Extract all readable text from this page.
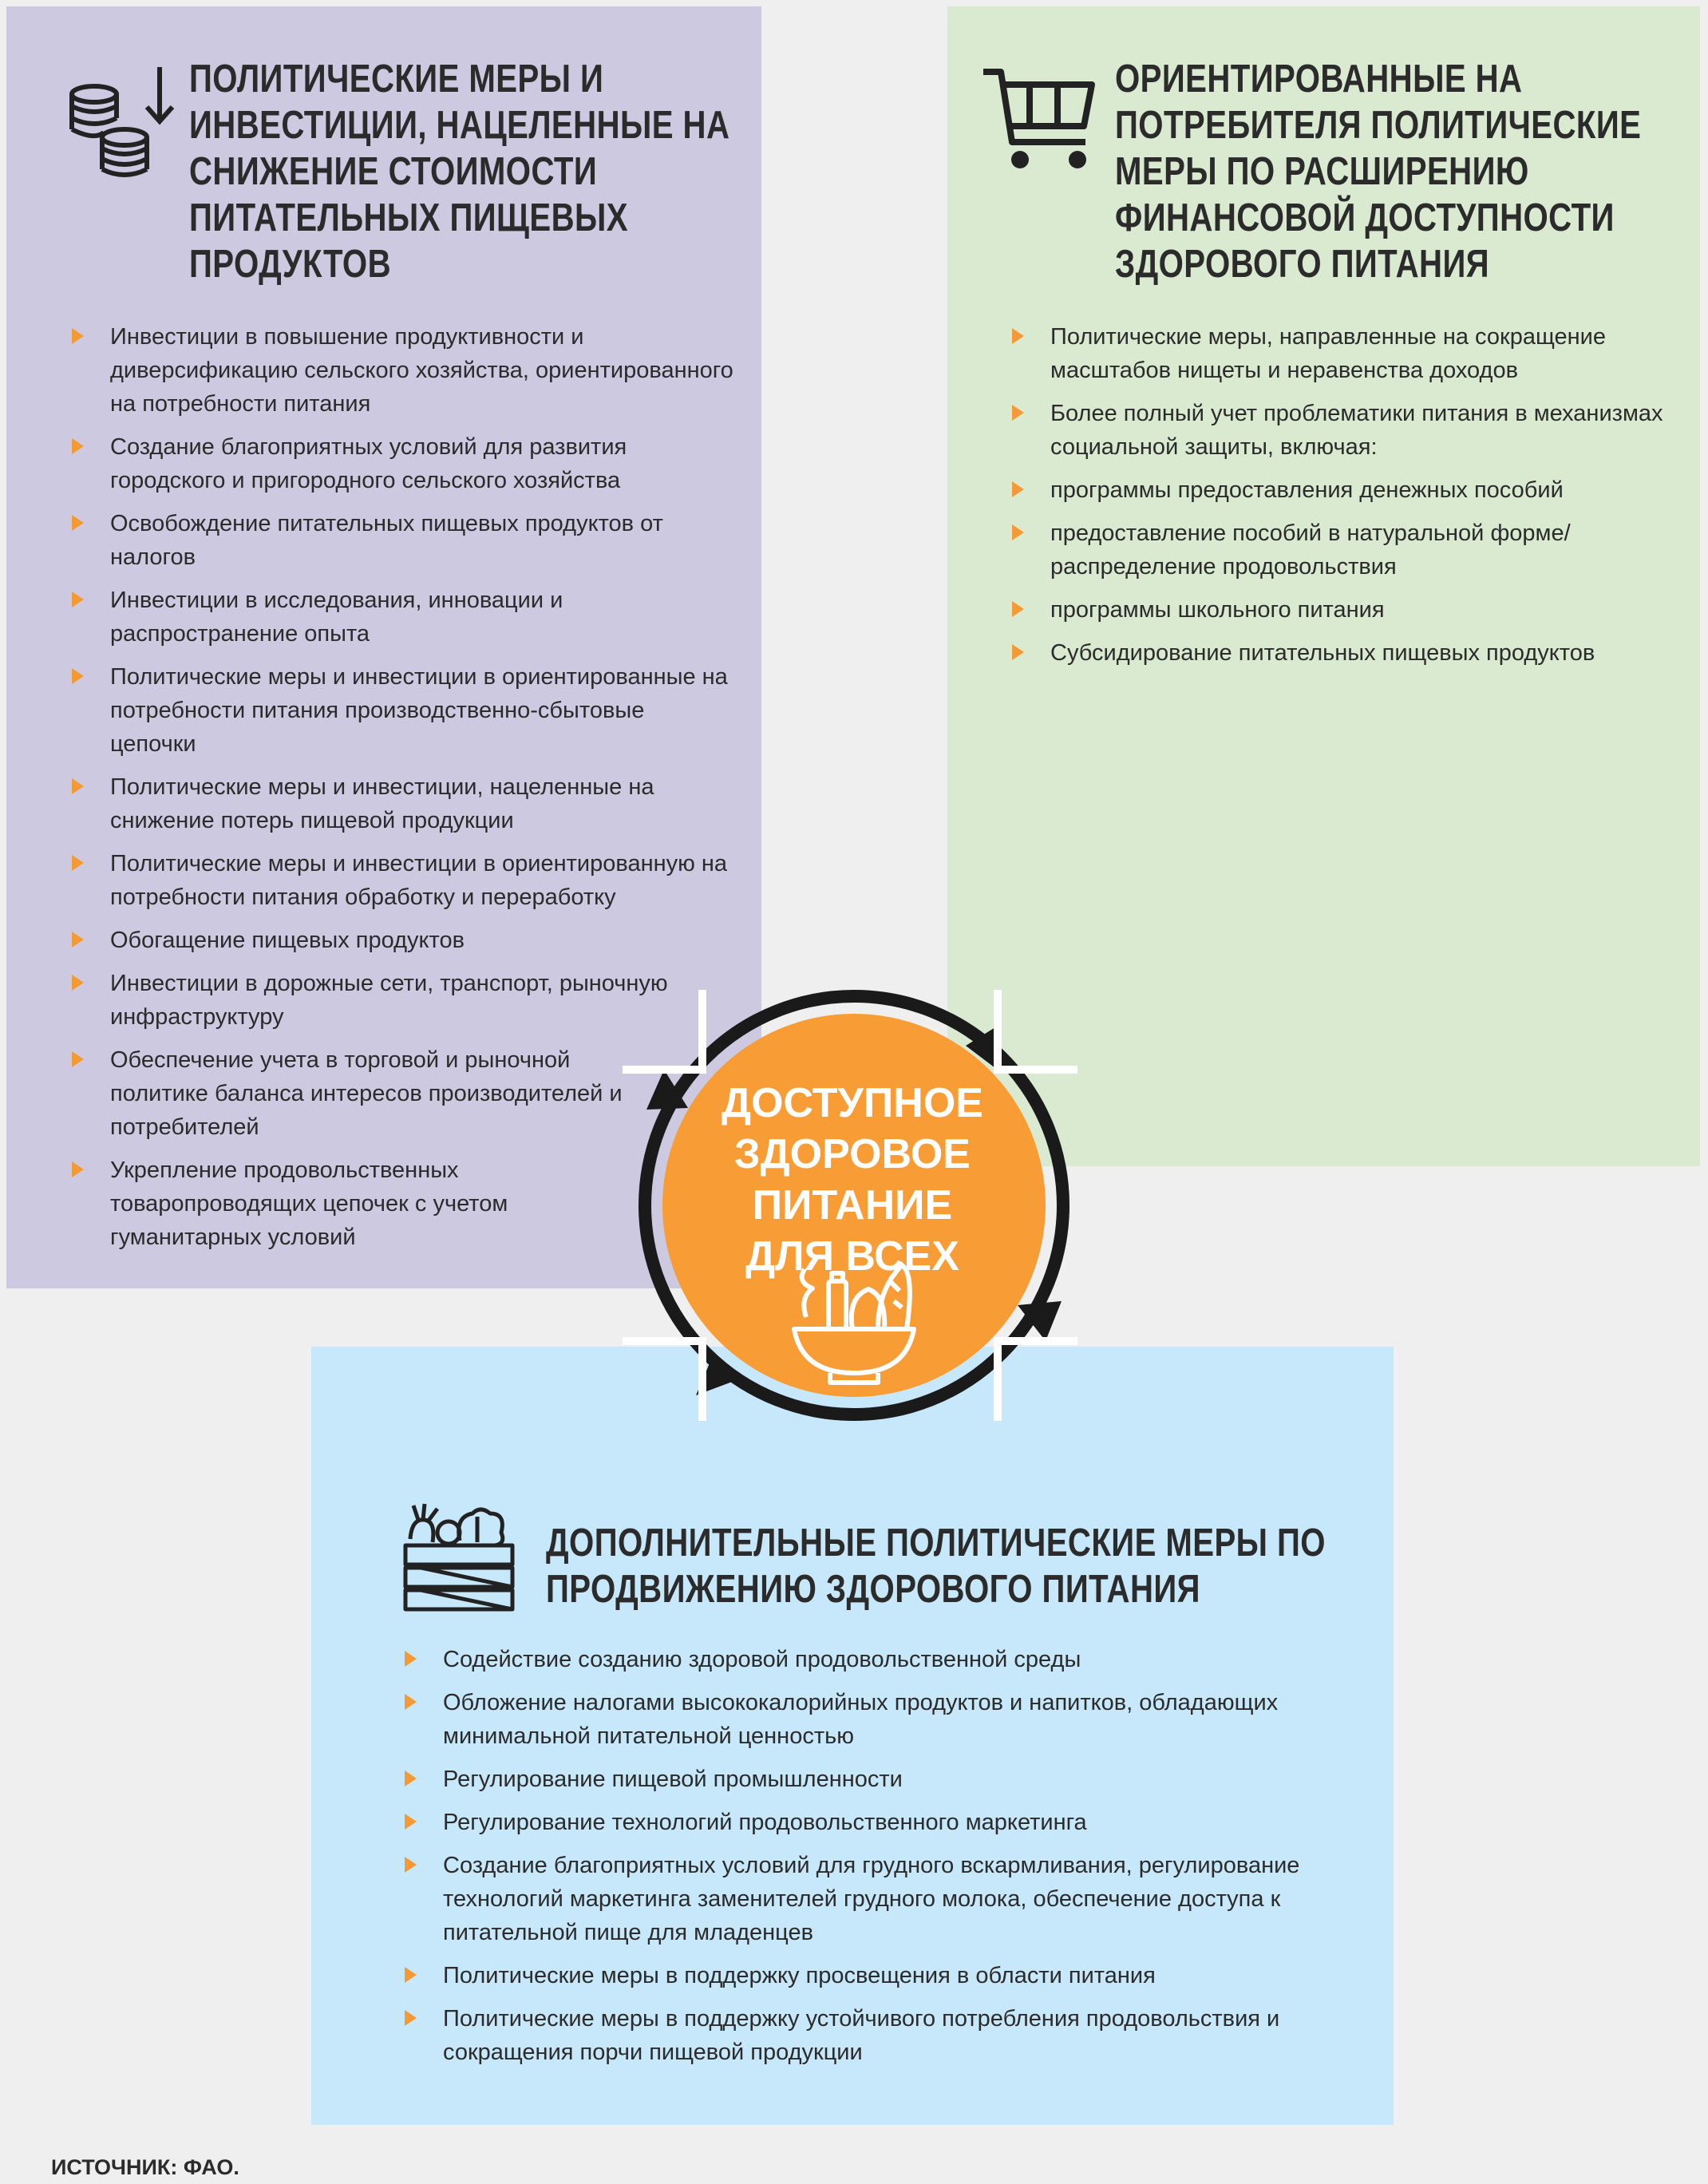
ПОЛИТИЧЕСКИЕ МЕРЫ И ИНВЕСТИЦИИ, НАЦЕЛЕННЫЕ НА СНИЖЕНИЕ СТОИМОСТИ ПИТАТЕЛЬНЫХ ПИЩЕВЫХ ПРОДУКТОВ
ОРИЕНТИРОВАННЫЕ НА ПОТРЕБИТЕЛЯ ПОЛИТИЧЕСКИЕ МЕРЫ ПО РАСШИРЕНИЮ ФИНАНСОВОЙ ДОСТУПНОСТИ ЗДОРОВОГО ПИТАНИЯ
ДОПОЛНИТЕЛЬНЫЕ ПОЛИТИЧЕСКИЕ МЕРЫ ПО ПРОДВИЖЕНИЮ ЗДОРОВОГО ПИТАНИЯ
Инвестиции в повышение продуктивности и диверсификацию сельского хозяйства, ориентированного на потребности питания
Создание благоприятных условий для развития городского и пригородного сельского хозяйства
Освобождение питательных пищевых продуктов от налогов
Инвестиции в исследования, инновации и распространение опыта
Политические меры и инвестиции в ориентированные на потребности питания производственно-сбытовые цепочки
Политические меры и инвестиции, нацеленные на снижение потерь пищевой продукции
Политические меры и инвестиции в ориентированную на потребности питания обработку и переработку
Обогащение пищевых продуктов
Инвестиции в дорожные сети, транспорт, рыночную инфраструктуру
Обеспечение учета в торговой и рыночной политике баланса интересов производителей и потребителей
Укрепление продовольственных товаропроводящих цепочек с учетом гуманитарных условий
Политические меры, направленные на сокращение масштабов нищеты и неравенства доходов
Более полный учет проблематики питания в механизмах социальной защиты, включая:
программы предоставления денежных пособий
предоставление пособий в натуральной форме/ распределение продовольствия
программы школьного питания
Субсидирование питательных пищевых продуктов
Содействие созданию здоровой продовольственной среды
Обложение налогами высококалорийных продуктов и напитков, обладающих минимальной питательной ценностью
Регулирование пищевой промышленности
Регулирование технологий продовольственного маркетинга
Создание благоприятных условий для грудного вскармливания, регулирование технологий маркетинга заменителей грудного молока, обеспечение доступа к питательной пище для младенцев
Политические меры в поддержку просвещения в области питания
Политические меры в поддержку устойчивого потребления продовольствия и сокращения порчи пищевой продукции
ДОСТУПНОЕ
ЗДОРОВОЕ ПИТАНИЕ
ДЛЯ ВСЕХ
ИСТОЧНИК: ФАО.
